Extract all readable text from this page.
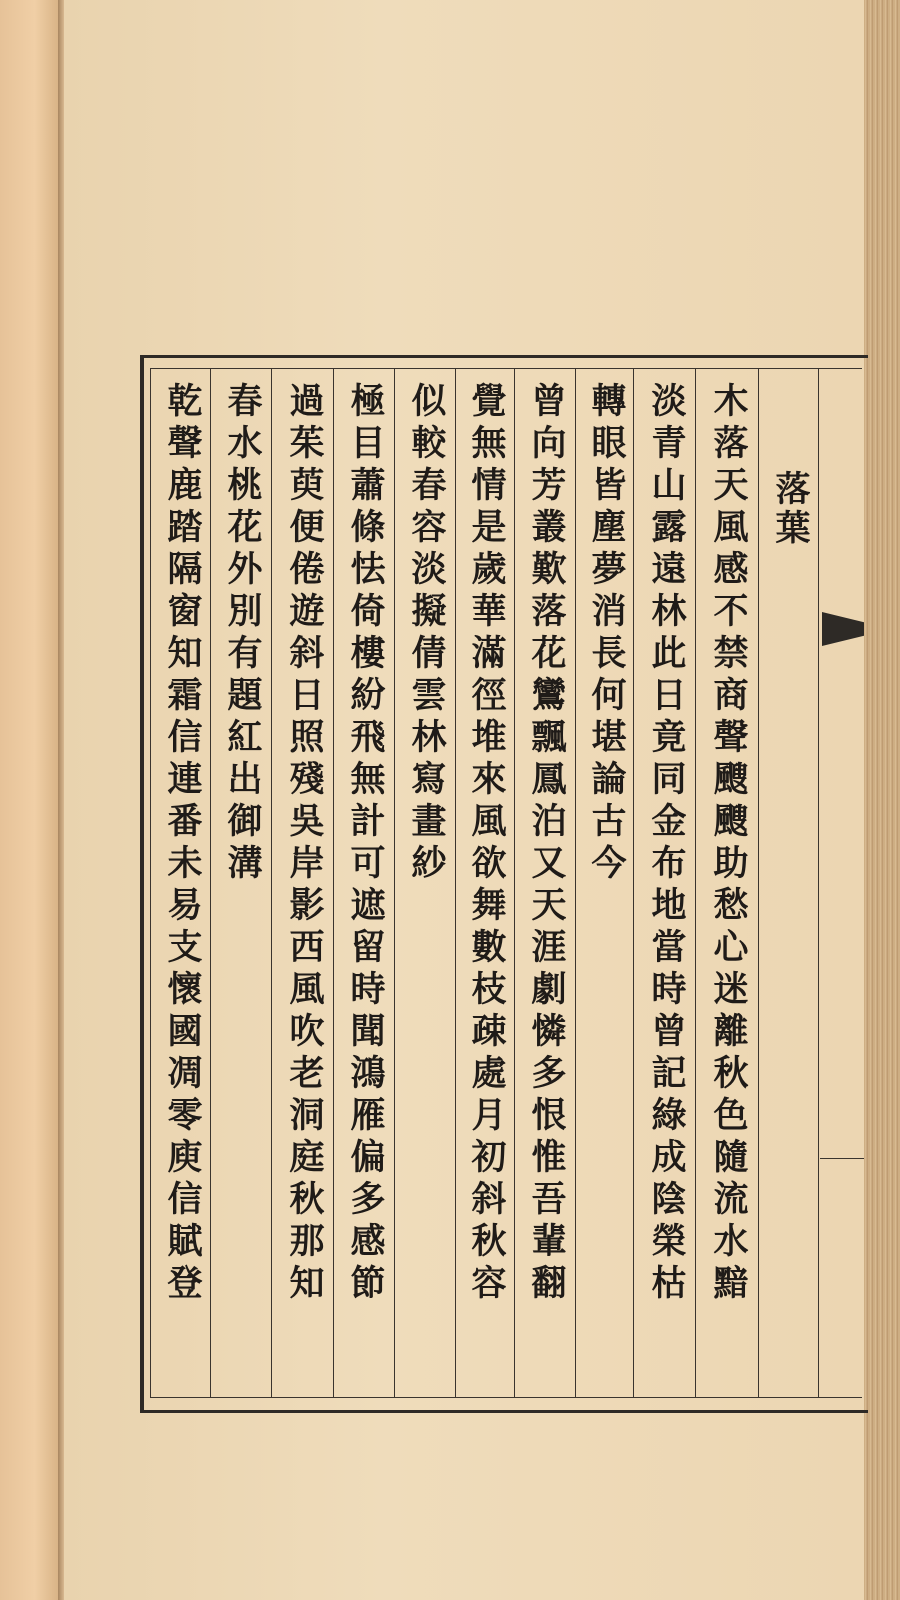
落葉
木落天風感不禁商聲颼颼助愁心迷離秋色隨流水黯
淡青山露遠林此日竟同金布地當時曾記綠成陰榮枯
轉眼皆塵夢消長何堪論古今
曾向芳叢歎落花鸞飄鳳泊又天涯劇憐多恨惟吾輩翻
覺無情是歲華滿徑堆來風欲舞數枝疎處月初斜秋容
似較春容淡擬倩雲林寫畫紗
極目蕭條怯倚樓紛飛無計可遮留時聞鴻雁偏多感節
過茱萸便倦遊斜日照殘吳岸影西風吹老洞庭秋那知
春水桃花外別有題紅出御溝
乾聲鹿踏隔窗知霜信連番未易支懷國凋零庾信賦登
